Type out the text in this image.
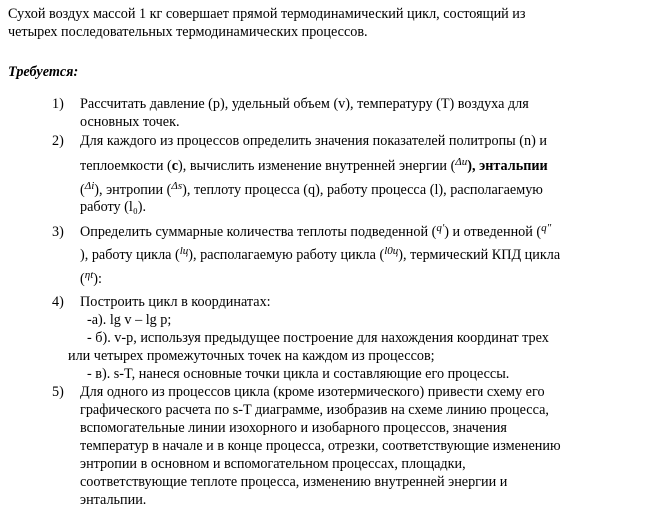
Сухой воздух массой 1 кг совершает прямой термодинамический цикл, состоящий из
четырех последовательных термодинамических процессов.
Требуется:
1) Рассчитать давление (p), удельный объем (v), температуру (T) воздуха для
основных точек.
2) Для каждого из процессов определить значения показателей политропы (n) и
теплоемкости (c), вычислить изменение внутренней энергии ($^{\Delta u}$), энтальпии
($^{\Delta i}$), энтропии ($^{\Delta s}$), теплоту процесса (q), работу процесса (l), располагаемую
работу (l₀).
3) Определить суммарные количества теплоты подведенной ($^{q'}$) и отведенной ($^{q''}$
), работу цикла ($^{lц}$), располагаемую работу цикла ($^{l0ц}$), термический КПД цикла
($^{\eta t}$):
4) Построить цикл в координатах:
-а). lg v – lg p;
- б). v-p, используя предыдущее построение для нахождения координат трех
или четырех промежуточных точек на каждом из процессов;
- в). s-T, нанеся основные точки цикла и составляющие его процессы.
5) Для одного из процессов цикла (кроме изотермического) привести схему его
графического расчета по s-T диаграмме, изобразив на схеме линию процесса,
вспомогательные линии изохорного и изобарного процессов, значения
температур в начале и в конце процесса, отрезки, соответствующие изменению
энтропии в основном и вспомогательном процессах, площадки,
соответствующие теплоте процесса, изменению внутренней энергии и
энтальпии.
